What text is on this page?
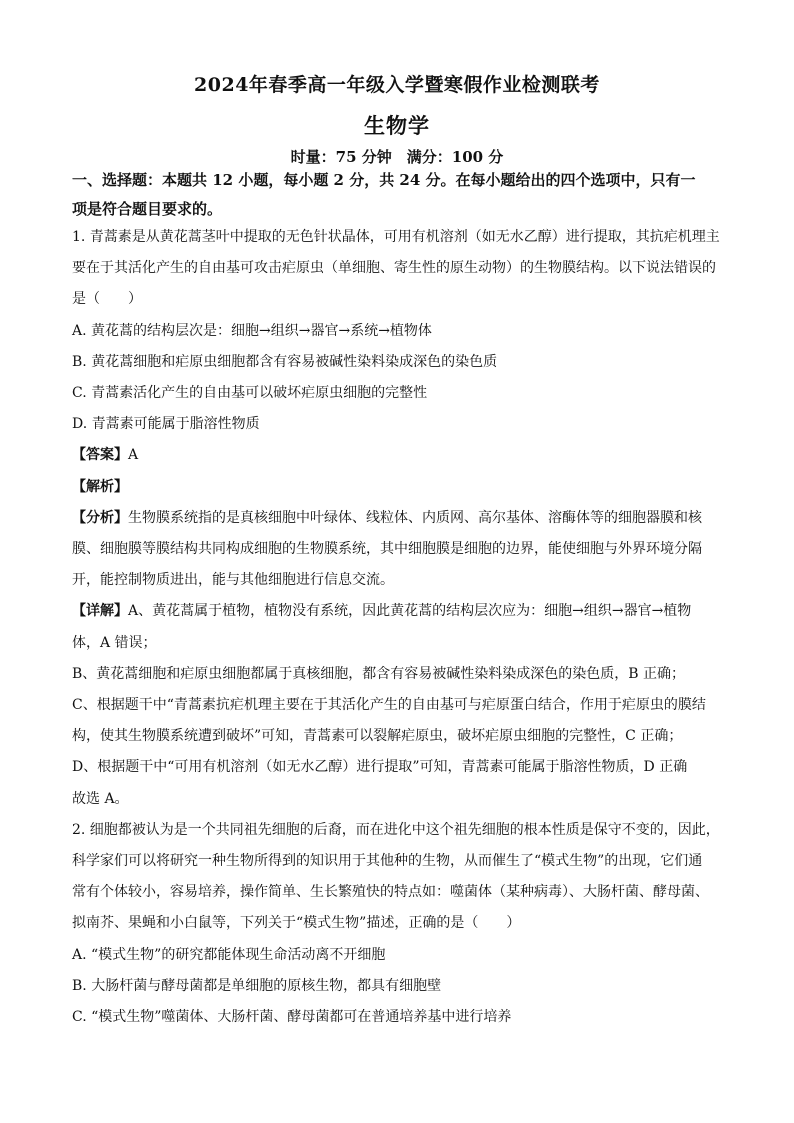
2024年春季高一年级入学暨寒假作业检测联考
生物学
时量：75 分钟　满分：100 分
一、选择题：本题共 12 小题，每小题 2 分，共 24 分。在每小题给出的四个选项中，只有一
项是符合题目要求的。
1. 青蒿素是从黄花蒿茎叶中提取的无色针状晶体，可用有机溶剂（如无水乙醇）进行提取，其抗疟机理主
要在于其活化产生的自由基可攻击疟原虫（单细胞、寄生性的原生动物）的生物膜结构。以下说法错误的
是（　　）
A. 黄花蒿的结构层次是：细胞→组织→器官→系统→植物体
B. 黄花蒿细胞和疟原虫细胞都含有容易被碱性染料染成深色的染色质
C. 青蒿素活化产生的自由基可以破坏疟原虫细胞的完整性
D. 青蒿素可能属于脂溶性物质
【答案】A
【解析】
【分析】生物膜系统指的是真核细胞中叶绿体、线粒体、内质网、高尔基体、溶酶体等的细胞器膜和核
膜、细胞膜等膜结构共同构成细胞的生物膜系统，其中细胞膜是细胞的边界，能使细胞与外界环境分隔
开，能控制物质进出，能与其他细胞进行信息交流。
【详解】A、黄花蒿属于植物，植物没有系统，因此黄花蒿的结构层次应为：细胞→组织→器官→植物
体，A 错误；
B、黄花蒿细胞和疟原虫细胞都属于真核细胞，都含有容易被碱性染料染成深色的染色质，B 正确；
C、根据题干中“青蒿素抗疟机理主要在于其活化产生的自由基可与疟原蛋白结合，作用于疟原虫的膜结
构，使其生物膜系统遭到破坏”可知，青蒿素可以裂解疟原虫，破坏疟原虫细胞的完整性，C 正确；
D、根据题干中“可用有机溶剂（如无水乙醇）进行提取”可知，青蒿素可能属于脂溶性物质，D 正确
故选 A。
2. 细胞都被认为是一个共同祖先细胞的后裔，而在进化中这个祖先细胞的根本性质是保守不变的，因此，
科学家们可以将研究一种生物所得到的知识用于其他种的生物，从而催生了“模式生物”的出现，它们通
常有个体较小，容易培养，操作简单、生长繁殖快的特点如：噬菌体（某种病毒）、大肠杆菌、酵母菌、
拟南芥、果蝇和小白鼠等，下列关于“模式生物”描述，正确的是（　　）
A. “模式生物”的研究都能体现生命活动离不开细胞
B. 大肠杆菌与酵母菌都是单细胞的原核生物，都具有细胞壁
C. “模式生物”噬菌体、大肠杆菌、酵母菌都可在普通培养基中进行培养
